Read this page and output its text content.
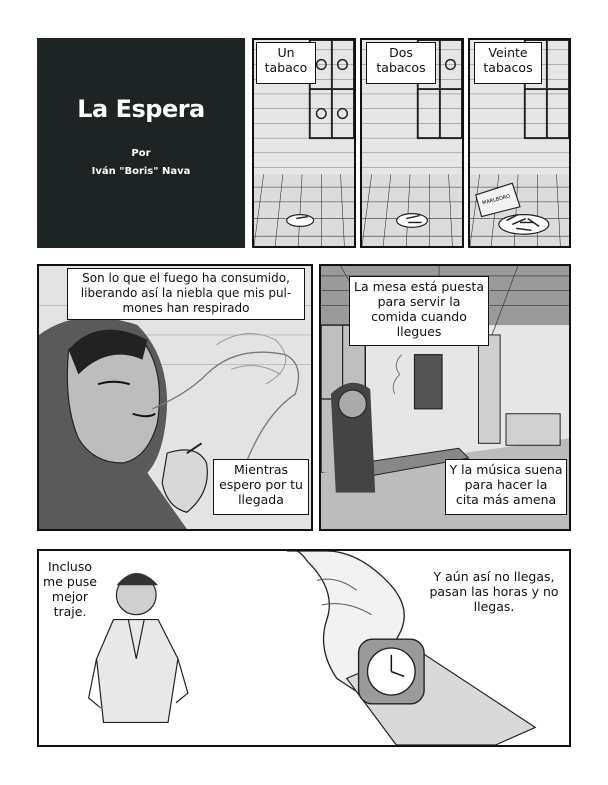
La Espera
Por
Iván "Boris" Nava
Un
tabaco
Dos
tabacos
MARLBORO
Veinte
tabacos
Son lo que el fuego ha consumido,
liberando así la niebla que mis pul-
mones han respirado
Mientras
espero por tu
llegada
La mesa está puesta
para servir la
comida cuando
llegues
Y la música suena
para hacer la
cita más amena
Incluso
me puse
mejor
traje.
Y aún así no llegas,
pasan las horas y no
llegas.
